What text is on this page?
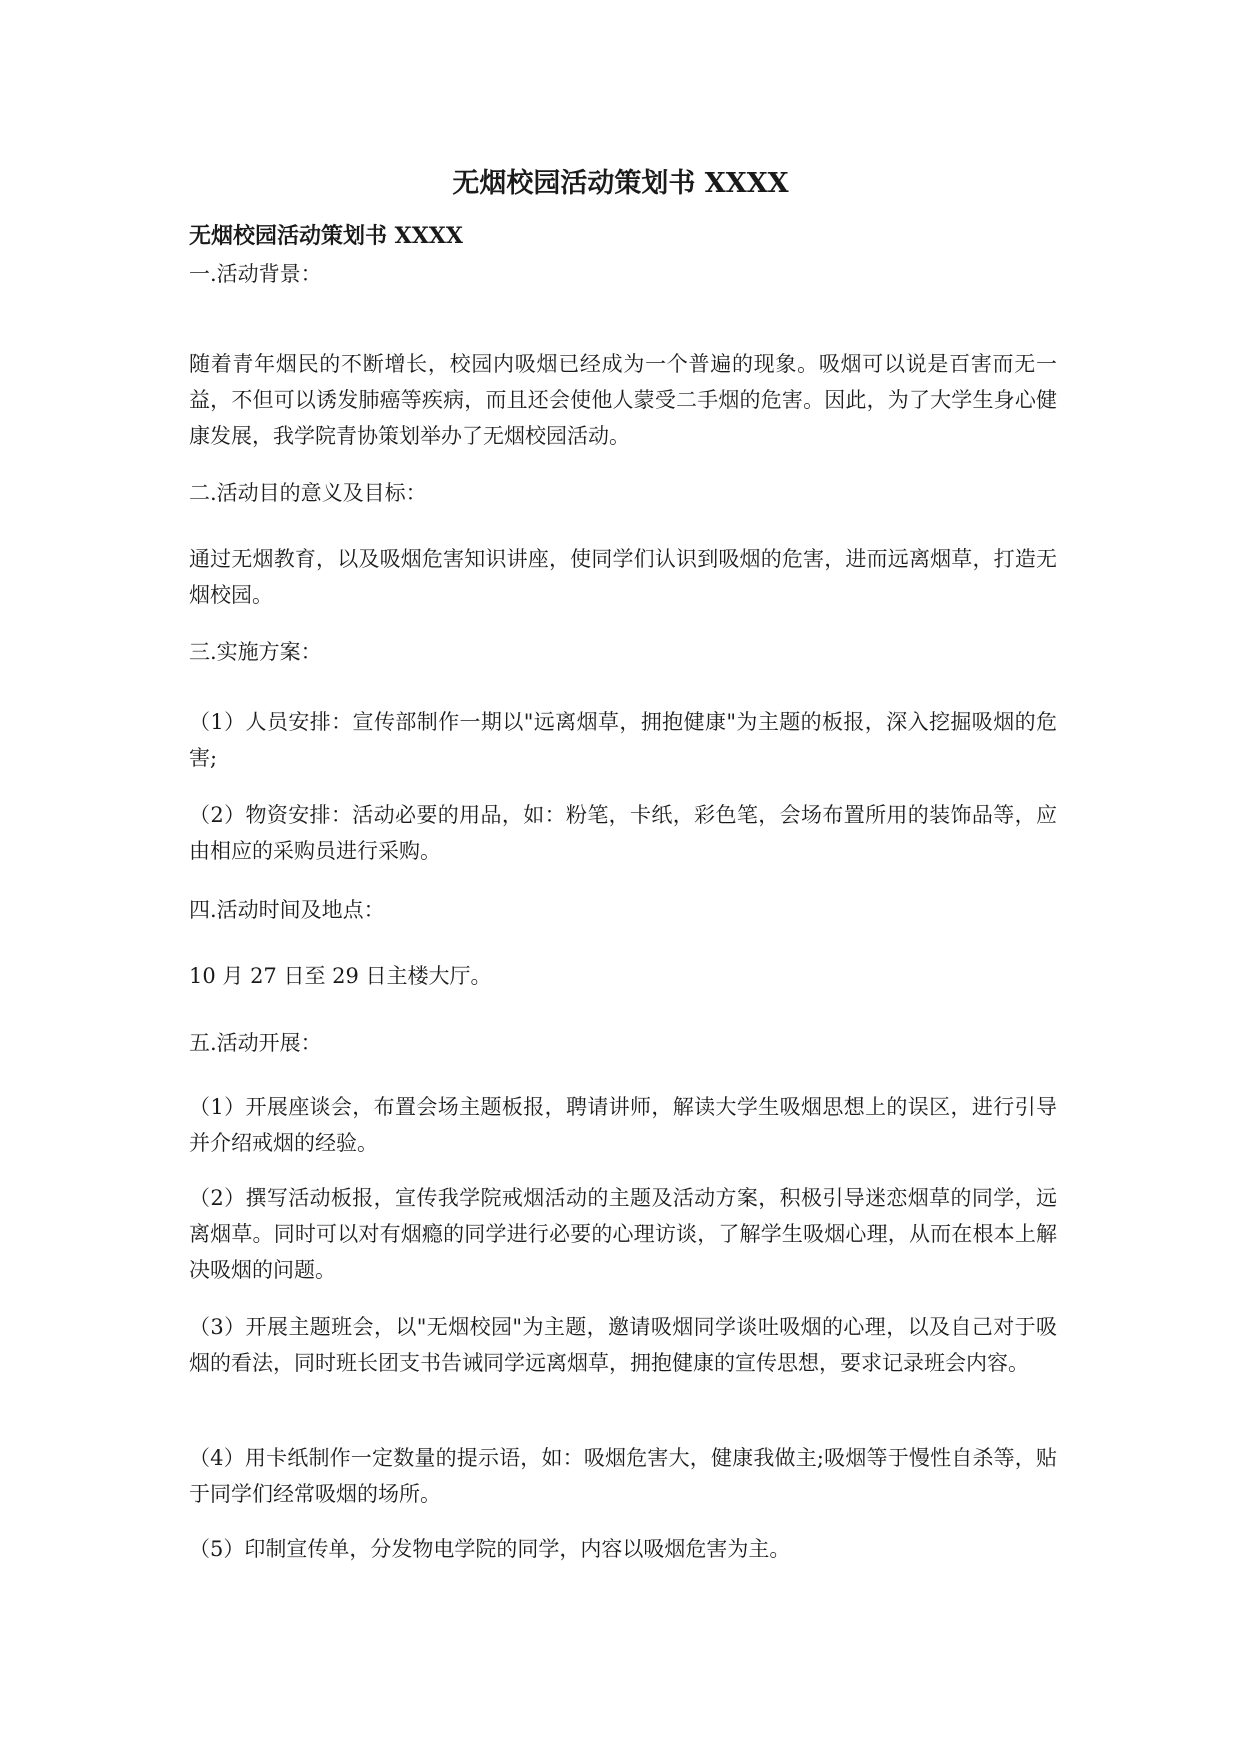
无烟校园活动策划书 XXXX
无烟校园活动策划书 XXXX

一.活动背景：

随着青年烟民的不断增长，校园内吸烟已经成为一个普遍的现象。吸烟可以说是百害而无一益，不但可以诱发肺癌等疾病，而且还会使他人蒙受二手烟的危害。因此，为了大学生身心健康发展，我学院青协策划举办了无烟校园活动。

二.活动目的意义及目标：

通过无烟教育，以及吸烟危害知识讲座，使同学们认识到吸烟的危害，进而远离烟草，打造无烟校园。

三.实施方案：

（1）人员安排：宣传部制作一期以"远离烟草，拥抱健康"为主题的板报，深入挖掘吸烟的危害;

（2）物资安排：活动必要的用品，如：粉笔，卡纸，彩色笔，会场布置所用的装饰品等，应由相应的采购员进行采购。

四.活动时间及地点：

10 月 27 日至 29 日主楼大厅。

五.活动开展：

（1）开展座谈会，布置会场主题板报，聘请讲师，解读大学生吸烟思想上的误区，进行引导并介绍戒烟的经验。

（2）撰写活动板报，宣传我学院戒烟活动的主题及活动方案，积极引导迷恋烟草的同学，远离烟草。同时可以对有烟瘾的同学进行必要的心理访谈，了解学生吸烟心理，从而在根本上解决吸烟的问题。

（3）开展主题班会，以"无烟校园"为主题，邀请吸烟同学谈吐吸烟的心理，以及自己对于吸烟的看法，同时班长团支书告诫同学远离烟草，拥抱健康的宣传思想，要求记录班会内容。

（4）用卡纸制作一定数量的提示语，如：吸烟危害大，健康我做主;吸烟等于慢性自杀等，贴于同学们经常吸烟的场所。

（5）印制宣传单，分发物电学院的同学，内容以吸烟危害为主。
